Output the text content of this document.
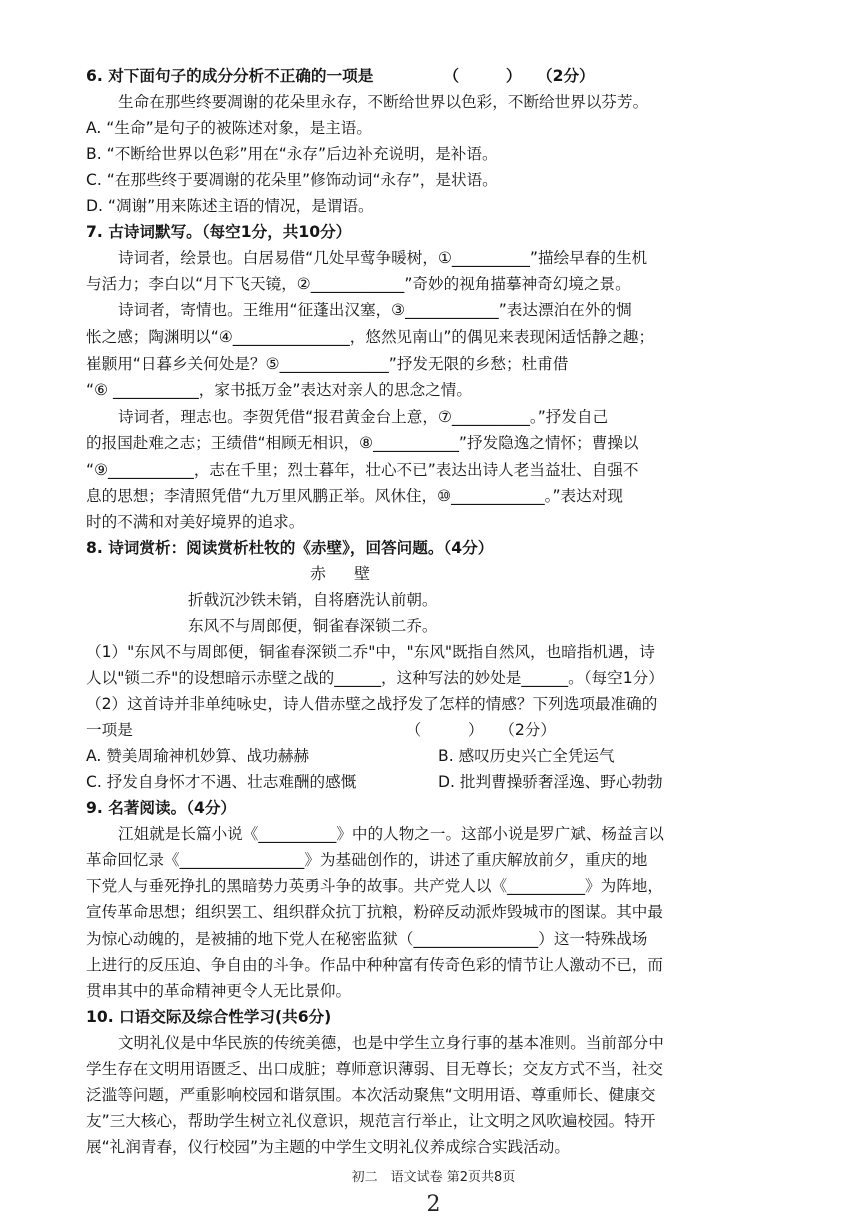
6. 对下面句子的成分分析不正确的一项是　　　　　（　　　）　　（2分）
生命在那些终要凋谢的花朵里永存，不断给世界以色彩，不断给世界以芬芳。
A. “生命”是句子的被陈述对象，是主语。
B. “不断给世界以色彩”用在“永存”后边补充说明，是补语。
C. “在那些终于要凋谢的花朵里”修饰动词“永存”，是状语。
D. “凋谢”用来陈述主语的情况，是谓语。
7. 古诗词默写。（每空1分，共10分）
诗词者，绘景也。白居易借“几处早莺争暖树，①__________”描绘早春的生机
与活力；李白以“月下飞天镜，②____________”奇妙的视角描摹神奇幻境之景。
诗词者，寄情也。王维用“征蓬出汉塞，③____________”表达漂泊在外的惆
怅之感；陶渊明以“④_______________，悠然见南山”的偶见来表现闲适恬静之趣；
崔颢用“日暮乡关何处是？⑤______________”抒发无限的乡愁；杜甫借
“⑥ ___________，家书抵万金”表达对亲人的思念之情。
诗词者，理志也。李贺凭借“报君黄金台上意，⑦__________。”抒发自己
的报国赴难之志；王绩借“相顾无相识，⑧___________”抒发隐逸之情怀；曹操以
“⑨___________，志在千里；烈士暮年，壮心不已”表达出诗人老当益壮、自强不
息的思想；李清照凭借“九万里风鹏正举。风休住，⑩____________。”表达对现
时的不满和对美好境界的追求。
8. 诗词赏析：阅读赏析杜牧的《赤壁》，回答问题。（4分）
赤壁
折戟沉沙铁未销，自将磨洗认前朝。
东风不与周郎便，铜雀春深锁二乔。
（1）"东风不与周郎便，铜雀春深锁二乔"中，"东风"既指自然风，也暗指机遇，诗
人以"锁二乔"的设想暗示赤壁之战的______，这种写法的妙处是______。（每空1分）
（2）这首诗并非单纯咏史，诗人借赤壁之战抒发了怎样的情感？下列选项最准确的
一项是　　　　　　　　　　　　　　　　　　（　　　）　　（2分）
A. 赞美周瑜神机妙算、战功赫赫	B. 感叹历史兴亡全凭运气
C. 抒发自身怀才不遇、壮志难酬的感慨	D. 批判曹操骄奢淫逸、野心勃勃
9. 名著阅读。（4分）
江姐就是长篇小说《__________》中的人物之一。这部小说是罗广斌、杨益言以
革命回忆录《________________》为基础创作的，讲述了重庆解放前夕，重庆的地
下党人与垂死挣扎的黑暗势力英勇斗争的故事。共产党人以《__________》为阵地，
宣传革命思想；组织罢工、组织群众抗丁抗粮，粉碎反动派炸毁城市的图谋。其中最
为惊心动魄的，是被捕的地下党人在秘密监狱（________________）这一特殊战场
上进行的反压迫、争自由的斗争。作品中种种富有传奇色彩的情节让人激动不已，而
贯串其中的革命精神更令人无比景仰。
10. 口语交际及综合性学习(共6分)
文明礼仪是中华民族的传统美德，也是中学生立身行事的基本准则。当前部分中
学生存在文明用语匮乏、出口成脏；尊师意识薄弱、目无尊长；交友方式不当，社交
泛滥等问题，严重影响校园和谐氛围。本次活动聚焦“文明用语、尊重师长、健康交
友”三大核心，帮助学生树立礼仪意识，规范言行举止，让文明之风吹遍校园。特开
展“礼润青春，仪行校园”为主题的中学生文明礼仪养成综合实践活动。
初二　语文试卷 第2页共8页
2
